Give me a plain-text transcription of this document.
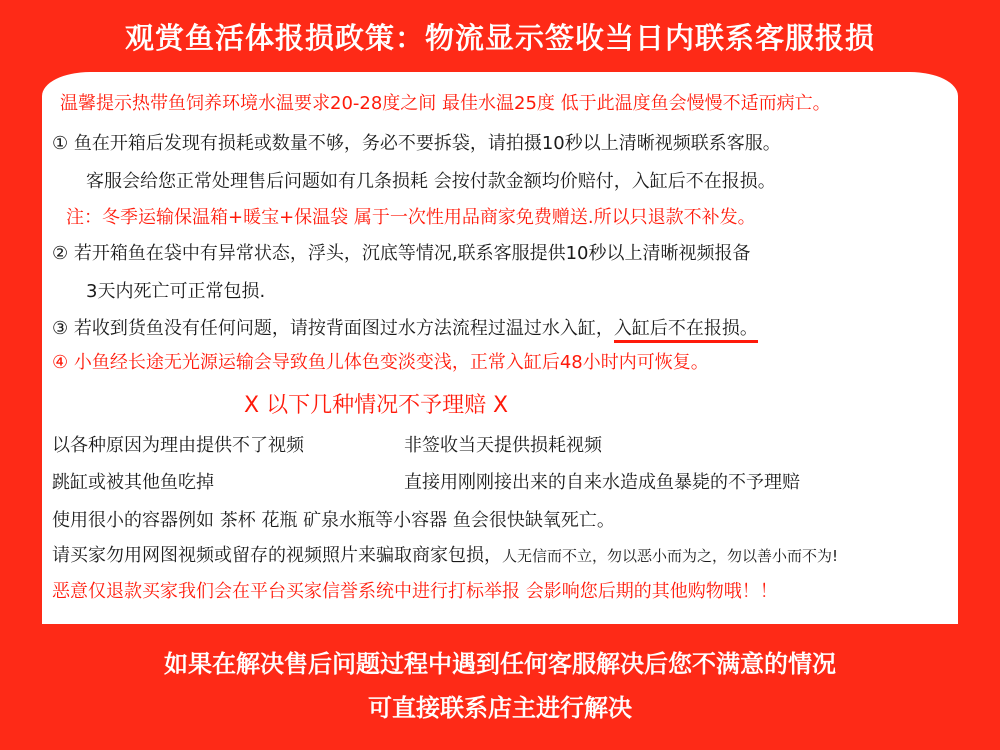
观赏鱼活体报损政策：物流显示签收当日内联系客服报损
温馨提示热带鱼饲养环境水温要求20-28度之间 最佳水温25度 低于此温度鱼会慢慢不适而病亡。
① 鱼在开箱后发现有损耗或数量不够，务必不要拆袋，请拍摄10秒以上清晰视频联系客服。
客服会给您正常处理售后问题如有几条损耗 会按付款金额均价赔付，入缸后不在报损。
注：冬季运输保温箱+暖宝+保温袋 属于一次性用品商家免费赠送.所以只退款不补发。
② 若开箱鱼在袋中有异常状态，浮头，沉底等情况,联系客服提供10秒以上清晰视频报备
3天内死亡可正常包损.
③ 若收到货鱼没有任何问题，请按背面图过水方法流程过温过水入缸，入缸后不在报损。
④ 小鱼经长途无光源运输会导致鱼儿体色变淡变浅，正常入缸后48小时内可恢复。
X 以下几种情况不予理赔 X
以各种原因为理由提供不了视频	非签收当天提供损耗视频
跳缸或被其他鱼吃掉	直接用刚刚接出来的自来水造成鱼暴毙的不予理赔
使用很小的容器例如 茶杯 花瓶 矿泉水瓶等小容器 鱼会很快缺氧死亡。
请买家勿用网图视频或留存的视频照片来骗取商家包损，人无信而不立，勿以恶小而为之，勿以善小而不为!
恶意仅退款买家我们会在平台买家信誉系统中进行打标举报 会影响您后期的其他购物哦！！
如果在解决售后问题过程中遇到任何客服解决后您不满意的情况
可直接联系店主进行解决
